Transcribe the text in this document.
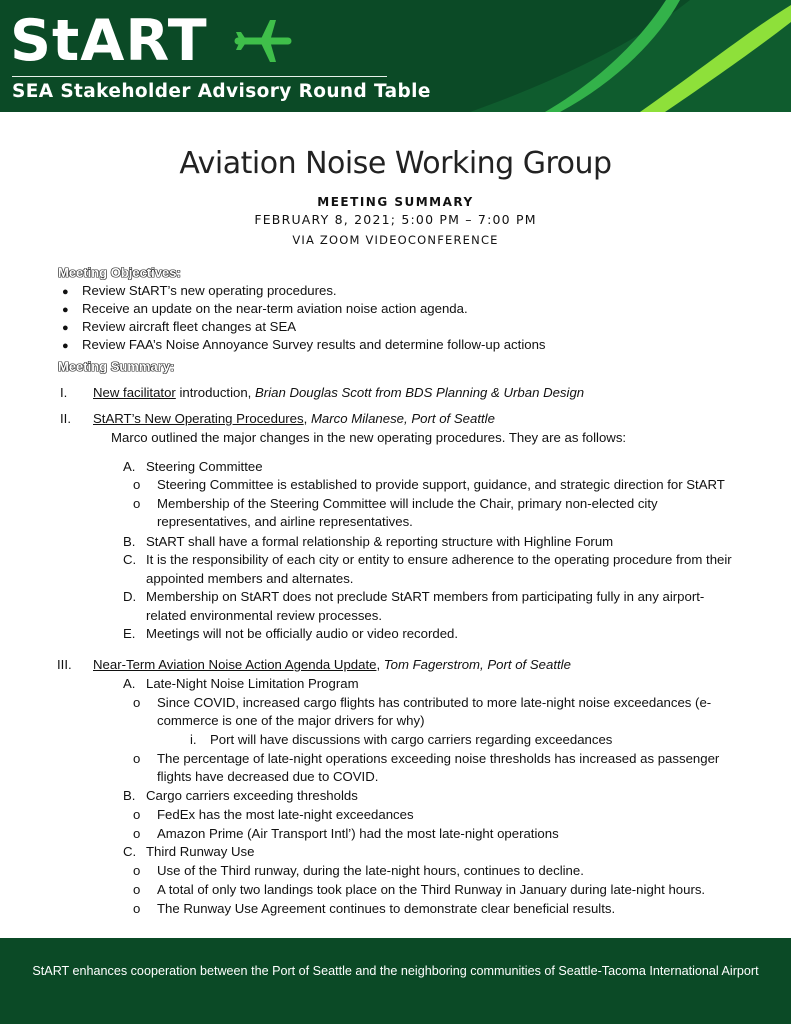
StART
SEA Stakeholder Advisory Round Table
Aviation Noise Working Group
MEETING SUMMARY
FEBRUARY 8, 2021; 5:00 PM – 7:00 PM
VIA ZOOM VIDEOCONFERENCE
Meeting Objectives:
● Review StART’s new operating procedures.
● Receive an update on the near-term aviation noise action agenda.
● Review aircraft fleet changes at SEA
● Review FAA’s Noise Annoyance Survey results and determine follow-up actions
Meeting Summary:
I. New facilitator introduction, Brian Douglas Scott from BDS Planning & Urban Design
II. StART’s New Operating Procedures, Marco Milanese, Port of Seattle
Marco outlined the major changes in the new operating procedures. They are as follows:
A. Steering Committee
o Steering Committee is established to provide support, guidance, and strategic direction for StART
o Membership of the Steering Committee will include the Chair, primary non-elected city
representatives, and airline representatives.
B. StART shall have a formal relationship & reporting structure with Highline Forum
C. It is the responsibility of each city or entity to ensure adherence to the operating procedure from their
appointed members and alternates.
D. Membership on StART does not preclude StART members from participating fully in any airport-
related environmental review processes.
E. Meetings will not be officially audio or video recorded.
III. Near-Term Aviation Noise Action Agenda Update, Tom Fagerstrom, Port of Seattle
A. Late-Night Noise Limitation Program
o Since COVID, increased cargo flights has contributed to more late-night noise exceedances (e-
commerce is one of the major drivers for why)
i. Port will have discussions with cargo carriers regarding exceedances
o The percentage of late-night operations exceeding noise thresholds has increased as passenger
flights have decreased due to COVID.
B. Cargo carriers exceeding thresholds
o FedEx has the most late-night exceedances
o Amazon Prime (Air Transport Intl’) had the most late-night operations
C. Third Runway Use
o Use of the Third runway, during the late-night hours, continues to decline.
o A total of only two landings took place on the Third Runway in January during late-night hours.
o The Runway Use Agreement continues to demonstrate clear beneficial results.
StART enhances cooperation between the Port of Seattle and the neighboring communities of Seattle-Tacoma International Airport
